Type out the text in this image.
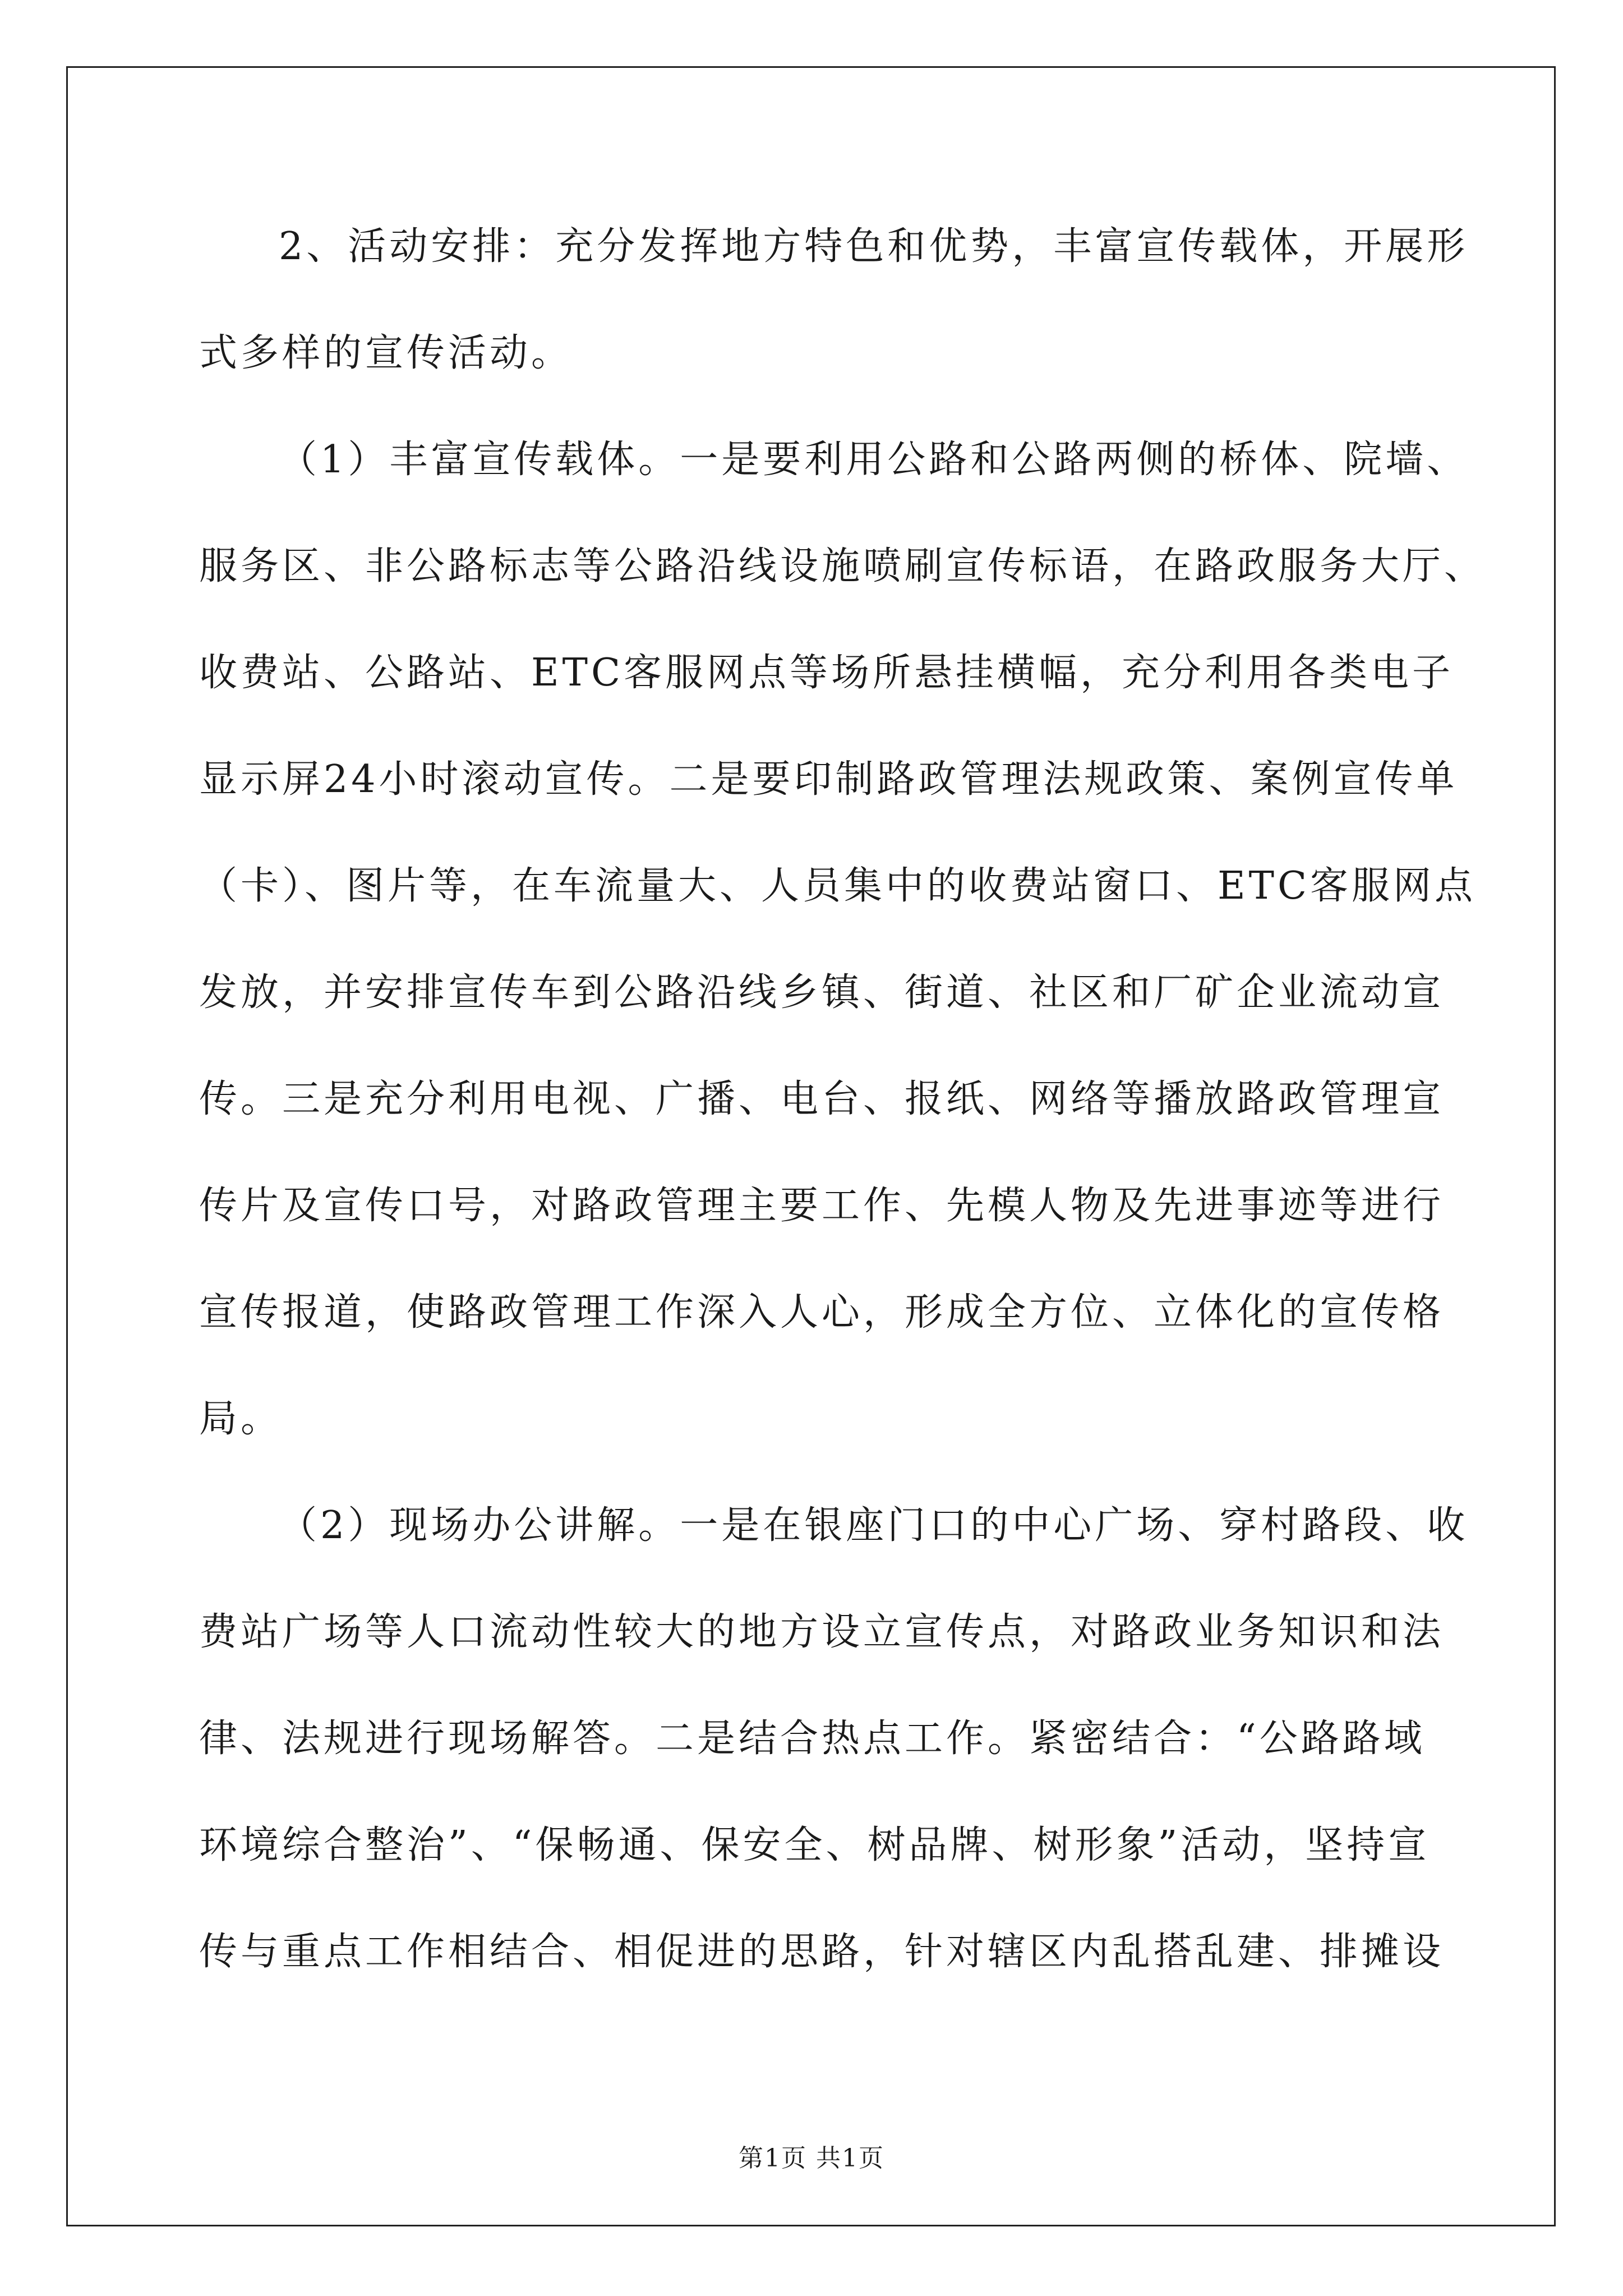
2、活动安排：充分发挥地方特色和优势，丰富宣传载体，开展形
式多样的宣传活动。
（1）丰富宣传载体。一是要利用公路和公路两侧的桥体、院墙、
服务区、非公路标志等公路沿线设施喷刷宣传标语，在路政服务大厅、
收费站、公路站、ETC客服网点等场所悬挂横幅，充分利用各类电子
显示屏24小时滚动宣传。二是要印制路政管理法规政策、案例宣传单
（卡）、图片等，在车流量大、人员集中的收费站窗口、ETC客服网点
发放，并安排宣传车到公路沿线乡镇、街道、社区和厂矿企业流动宣
传。三是充分利用电视、广播、电台、报纸、网络等播放路政管理宣
传片及宣传口号，对路政管理主要工作、先模人物及先进事迹等进行
宣传报道，使路政管理工作深入人心，形成全方位、立体化的宣传格
局。
（2）现场办公讲解。一是在银座门口的中心广场、穿村路段、收
费站广场等人口流动性较大的地方设立宣传点，对路政业务知识和法
律、法规进行现场解答。二是结合热点工作。紧密结合：“公路路域
环境综合整治”、“保畅通、保安全、树品牌、树形象”活动，坚持宣
传与重点工作相结合、相促进的思路，针对辖区内乱搭乱建、排摊设
第1页 共1页
